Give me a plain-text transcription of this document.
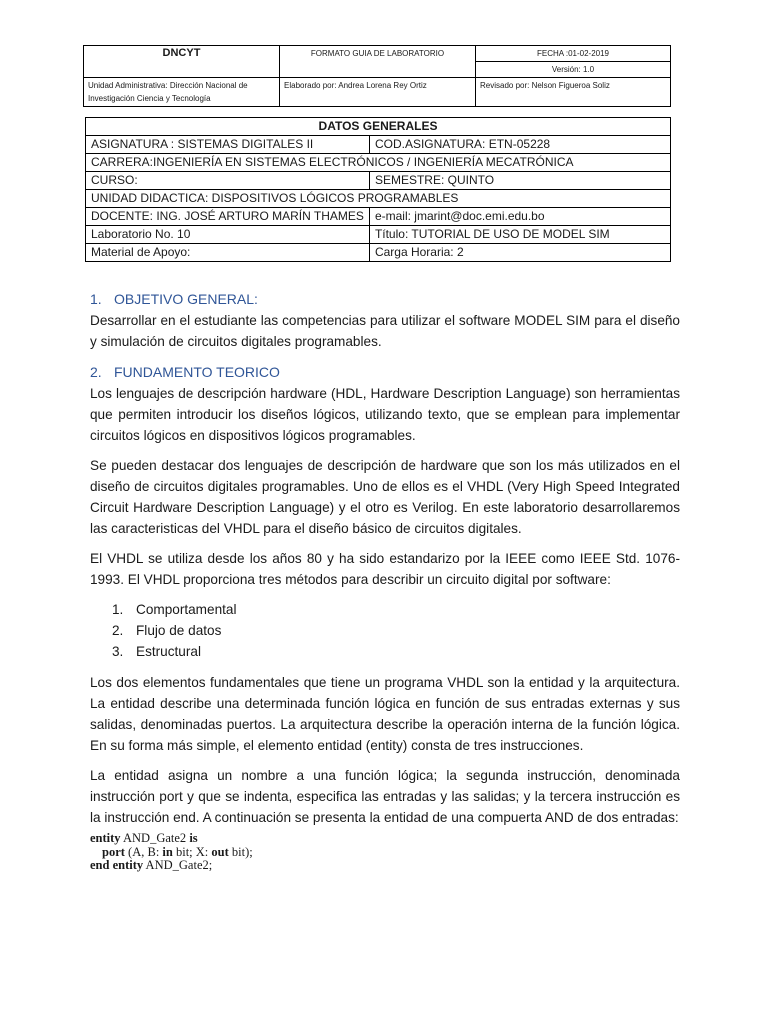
DNCYT	FORMATO GUIA DE LABORATORIO	FECHA :01-02-2019
Versión: 1.0

Unidad Administrativa: Dirección Nacional de Investigación Ciencia y Tecnología	Elaborado por: Andrea Lorena Rey Ortiz	Revisado por: Nelson Figueroa Soliz
DATOS GENERALES	
ASIGNATURA : SISTEMAS DIGITALES II	COD.ASIGNATURA: ETN-05228
CARRERA:INGENIERÍA EN SISTEMAS ELECTRÓNICOS / INGENIERÍA MECATRÓNICA	
CURSO:	SEMESTRE: QUINTO
UNIDAD DIDACTICA: DISPOSITIVOS LÓGICOS PROGRAMABLES	
DOCENTE: ING. JOSÉ ARTURO MARÍN THAMES	e-mail: jmarint@doc.emi.edu.bo
Laboratorio No. 10	Título: TUTORIAL DE USO DE MODEL SIM
Material de Apoyo:	Carga Horaria: 2
1. OBJETIVO GENERAL:

Desarrollar en el estudiante las competencias para utilizar el software MODEL SIM para el diseño y simulación de circuitos digitales programables.

2. FUNDAMENTO TEORICO

Los lenguajes de descripción hardware (HDL, Hardware Description Language) son herramientas que permiten introducir los diseños lógicos, utilizando texto, que se emplean para implementar circuitos lógicos en dispositivos lógicos programables.

Se pueden destacar dos lenguajes de descripción de hardware que son los más utilizados en el diseño de circuitos digitales programables. Uno de ellos es el VHDL (Very High Speed Integrated Circuit Hardware Description Language) y el otro es Verilog. En este laboratorio desarrollaremos las caracteristicas del VHDL para el diseño básico de circuitos digitales.

El VHDL se utiliza desde los años 80 y ha sido estandarizo por la IEEE como IEEE Std. 1076-1993. El VHDL proporciona tres métodos para describir un circuito digital por software:

1. Comportamental
2. Flujo de datos
3. Estructural

Los dos elementos fundamentales que tiene un programa VHDL son la entidad y la arquitectura. La entidad describe una determinada función lógica en función de sus entradas externas y sus salidas, denominadas puertos. La arquitectura describe la operación interna de la función lógica. En su forma más simple, el elemento entidad (entity) consta de tres instrucciones.

La entidad asigna un nombre a una función lógica; la segunda instrucción, denominada instrucción port y que se indenta, especifica las entradas y las salidas; y la tercera instrucción es la instrucción end. A continuación se presenta la entidad de una compuerta AND de dos entradas:

entity AND_Gate2 is
port (A, B: in bit; X: out bit);
end entity AND_Gate2;
